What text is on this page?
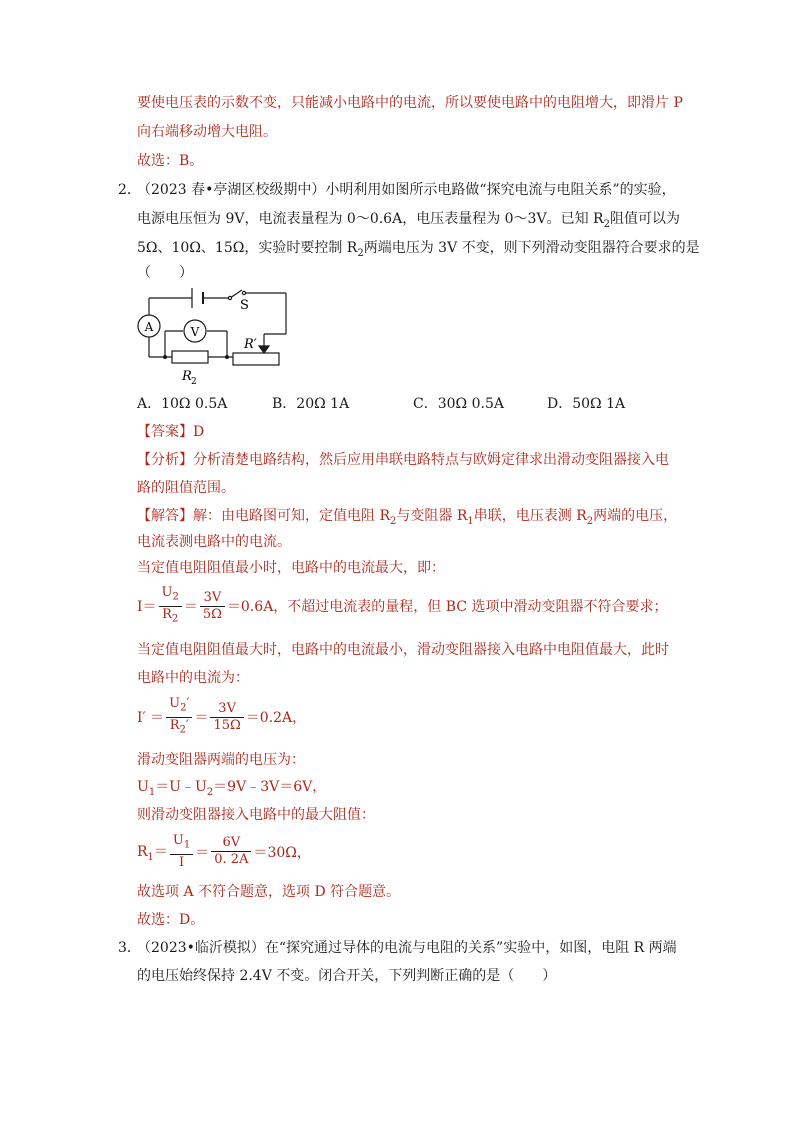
要使电压表的示数不变，只能减小电路中的电流，所以要使电路中的电阻增大，即滑片 P
向右端移动增大电阻。
故选：B。
2．
（2023 春•亭湖区校级期中）小明利用如图所示电路做“探究电流与电阻关系”的实验，
电源电压恒为 9V，电流表量程为 0～0.6A，电压表量程为 0～3V。已知 $R_2$阻值可以为
5Ω、10Ω、15Ω，实验时要控制 $R_2$两端电压为 3V 不变，则下列滑动变阻器符合要求的是
（　　）
A	V
S
R′
R 2
A．10Ω 0.5A	B．20Ω 1A	C．30Ω 0.5A	D．50Ω 1A
【答案】D
【分析】分析清楚电路结构，然后应用串联电路特点与欧姆定律求出滑动变阻器接入电
路的阻值范围。
【解答】解：由电路图可知，定值电阻 $R_2$与变阻器 $R_1$串联，电压表测 $R_2$两端的电压，
电流表测电路中的电流。
当定值电阻阻值最小时，电路中的电流最大，即：
$I= \frac{U_2}{R_2} = \frac{3V}{5\Omega} =0.6A$，不超过电流表的量程，但 BC 选项中滑动变阻器不符合要求；
当定值电阻阻值最大时，电路中的电流最小，滑动变阻器接入电路中电阻值最大，此时
电路中的电流为：
$I' = \frac{U_2'}{R_2'} = \frac{3V}{15\Omega} =0.2A$，
滑动变阻器两端的电压为：
$U_1=U﹣U_2=9V﹣3V=6V$，
则滑动变阻器接入电路中的最大阻值：
$R_1= \frac{U_1}{I} = \frac{6V}{0. 2A} =30\Omega$，
故选项 A 不符合题意，选项 D 符合题意。
故选：D。
3．
（2023•临沂模拟）在“探究通过导体的电流与电阻的关系”实验中，如图，电阻 R 两端
的电压始终保持 2.4V 不变。闭合开关，下列判断正确的是（　　）
